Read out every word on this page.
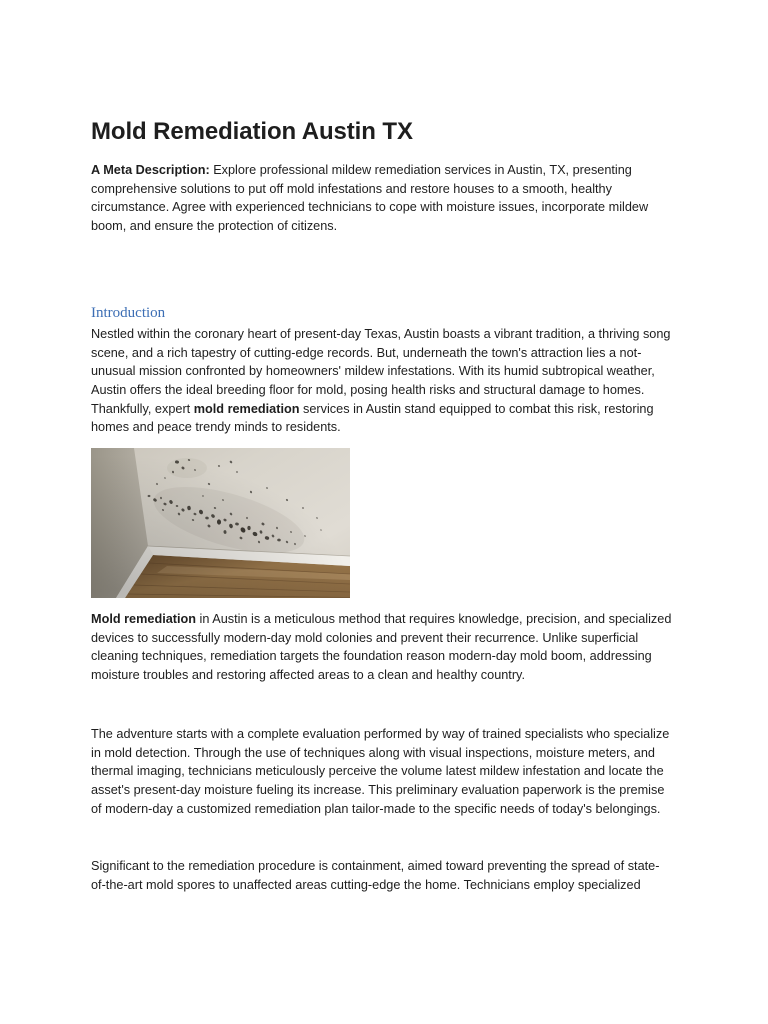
Mold Remediation Austin TX
A Meta Description: Explore professional mildew remediation services in Austin, TX, presenting
comprehensive solutions to put off mold infestations and restore houses to a smooth, healthy
circumstance. Agree with experienced technicians to cope with moisture issues, incorporate mildew
boom, and ensure the protection of citizens.
Introduction
Nestled within the coronary heart of present-day Texas, Austin boasts a vibrant tradition, a thriving song
scene, and a rich tapestry of cutting-edge records. But, underneath the town's attraction lies a not-
unusual mission confronted by homeowners' mildew infestations. With its humid subtropical weather,
Austin offers the ideal breeding floor for mold, posing health risks and structural damage to homes.
Thankfully, expert mold remediation services in Austin stand equipped to combat this risk, restoring
homes and peace trendy minds to residents.
Mold remediation in Austin is a meticulous method that requires knowledge, precision, and specialized
devices to successfully modern-day mold colonies and prevent their recurrence. Unlike superficial
cleaning techniques, remediation targets the foundation reason modern-day mold boom, addressing
moisture troubles and restoring affected areas to a clean and healthy country.
The adventure starts with a complete evaluation performed by way of trained specialists who specialize
in mold detection. Through the use of techniques along with visual inspections, moisture meters, and
thermal imaging, technicians meticulously perceive the volume latest mildew infestation and locate the
asset's present-day moisture fueling its increase. This preliminary evaluation paperwork is the premise
of modern-day a customized remediation plan tailor-made to the specific needs of today's belongings.
Significant to the remediation procedure is containment, aimed toward preventing the spread of state-
of-the-art mold spores to unaffected areas cutting-edge the home. Technicians employ specialized
